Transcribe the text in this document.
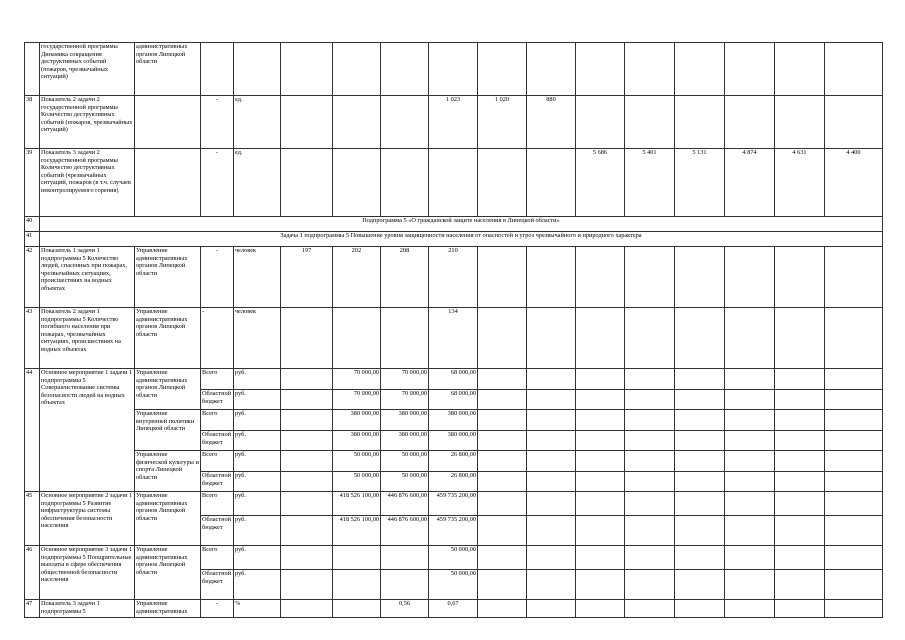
	государственной программы Динамика сокращения деструктивных событий (пожаров, чрезвычайных ситуаций)	административных органов Липецкой области														
38	Показатель 2 задачи 2 государственной программы Количество деструктивных событий (пожаров, чрезвычайных ситуаций)		-	ед.				1 023	1 020	880						
39	Показатель 3 задачи 2 государственной программы Количество деструктивных событий (чрезвычайных ситуаций, пожаров (в т.ч. случаев неконтролируемого горения)		-	ед.							5 686	5 401	5 131	4 874	4 631	4 400
40	Подпрограмма 5 «О гражданской защите населения в Липецкой области»															
41	Задача 1 подпрограммы 5 Повышение уровня защищенности населения от опасностей и угроз чрезвычайного и природного характера															
42	Показатель 1 задачи 1 подпрограммы 5 Количество людей, спасенных при пожарах, чрезвычайных ситуациях, происшествиях на водных объектах	Управление административных органов Липецкой области	-	человек	197	202	208	210								
43	Показатель 2 задачи 1 подпрограммы 5 Количество погибшего населения при пожарах, чрезвычайных ситуациях, происшествиях на водных объектах	Управление административных органов Липецкой области	-	человек				134								
44	Основное мероприятие 1 задачи 1 подпрограммы 5 Совершенствование системы безопасности людей на водных объектах	Управление административных органов Липецкой области	Всего	руб.		70 000,00	70 000,00	68 000,00								
			Областной бюджет	руб.		70 000,00	70 000,00	68 000,00								
		Управление внутренней политики Липецкой области	Всего	руб.		380 000,00	380 000,00	380 000,00								
			Областной бюджет	руб.		380 000,00	380 000,00	380 000,00								
		Управление физической культуры и спорта Липецкой области	Всего	руб.		50 000,00	50 000,00	26 800,00								
			Областной бюджет	руб.		50 000,00	50 000,00	26 800,00								
45	Основное мероприятие 2 задачи 1 подпрограммы 5 Развитие инфраструктуры системы обеспечения безопасности населения	Управление административных органов Липецкой области	Всего	руб.		418 526 100,00	446 876 600,00	459 735 200,00								
			Областной бюджет	руб.		418 526 100,00	446 876 600,00	459 735 200,00								
46	Основное мероприятие 3 задачи 1 подпрограммы 5 Поощрительные выплаты в сфере обеспечения общественной безопасности населения	Управление административных органов Липецкой области	Всего	руб.				50 000,00								
			Областной бюджет	руб.				50 000,00								
47	Показатель 3 задачи 1 подпрограммы 5	Управление административных	-	%			0,56	0,67								
